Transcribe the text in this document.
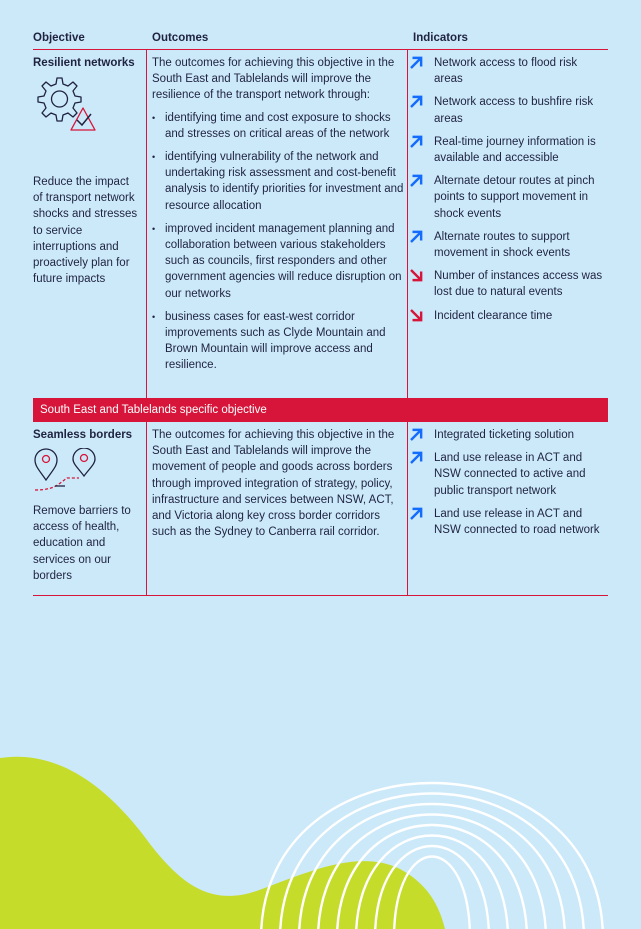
Objective	Outcomes	Indicators
Resilient networks
Reduce the impact of transport network shocks and stresses to service interruptions and proactively plan for future impacts
The outcomes for achieving this objective in the South East and Tablelands will improve the resilience of the transport network through:
• identifying time and cost exposure to shocks and stresses on critical areas of the network
• identifying vulnerability of the network and undertaking risk assessment and cost-benefit analysis to identify priorities for investment and resource allocation
• improved incident management planning and collaboration between various stakeholders such as councils, first responders and other government agencies will reduce disruption on our networks
• business cases for east-west corridor improvements such as Clyde Mountain and Brown Mountain will improve access and resilience.
Network access to flood risk areas
Network access to bushfire risk areas
Real-time journey information is available and accessible
Alternate detour routes at pinch points to support movement in shock events
Alternate routes to support movement in shock events
Number of instances access was lost due to natural events
Incident clearance time
South East and Tablelands specific objective
Seamless borders
Remove barriers to access of health, education and services on our borders
The outcomes for achieving this objective in the South East and Tablelands will improve the movement of people and goods across borders through improved integration of strategy, policy, infrastructure and services between NSW, ACT, and Victoria along key cross border corridors such as the Sydney to Canberra rail corridor.
Integrated ticketing solution
Land use release in ACT and NSW connected to active and public transport network
Land use release in ACT and NSW connected to road network
